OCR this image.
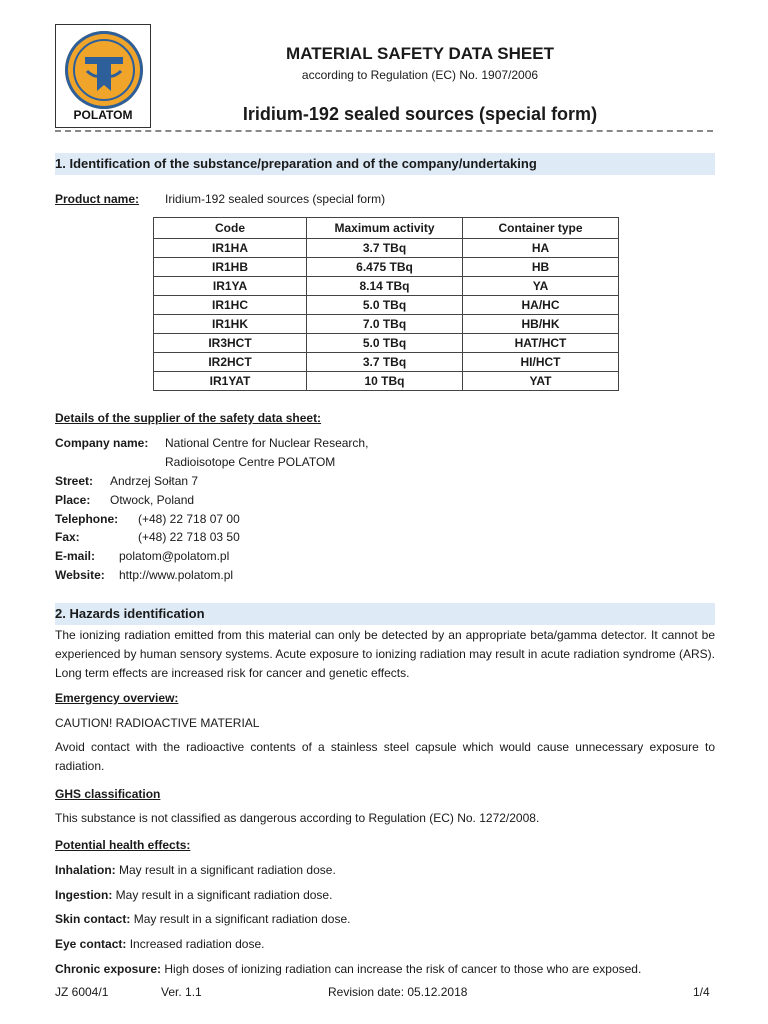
POLATOM
MATERIAL SAFETY DATA SHEET
according to Regulation (EC) No. 1907/2006
Iridium-192 sealed sources (special form)
1. Identification of the substance/preparation and of the company/undertaking
Product name: Iridium-192 sealed sources (special form)
Code	Maximum activity	Container type
IR1HA	3.7 TBq	HA
IR1HB	6.475 TBq	HB
IR1YA	8.14 TBq	YA
IR1HC	5.0 TBq	HA/HC
IR1HK	7.0 TBq	HB/HK
IR3HCT	5.0 TBq	HAT/HCT
IR2HCT	3.7 TBq	HI/HCT
IR1YAT	10 TBq	YAT
Details of the supplier of the safety data sheet:
Company name: National Centre for Nuclear Research,
Radioisotope Centre POLATOM
Street: Andrzej Sołtan 7
Place: Otwock, Poland
Telephone: (+48) 22 718 07 00
Fax:	(+48) 22 718 03 50
E-mail: polatom@polatom.pl
Website: http://www.polatom.pl
2. Hazards identification
The ionizing radiation emitted from this material can only be detected by an appropriate beta/gamma detector. It cannot be experienced by human sensory systems. Acute exposure to ionizing radiation may result in acute radiation syndrome (ARS). Long term effects are increased risk for cancer and genetic effects.
Emergency overview:
CAUTION! RADIOACTIVE MATERIAL
Avoid contact with the radioactive contents of a stainless steel capsule which would cause unnecessary exposure to radiation.
GHS classification
This substance is not classified as dangerous according to Regulation (EC) No. 1272/2008.
Potential health effects:
Inhalation: May result in a significant radiation dose.
Ingestion: May result in a significant radiation dose.
Skin contact: May result in a significant radiation dose.
Eye contact: Increased radiation dose.
Chronic exposure: High doses of ionizing radiation can increase the risk of cancer to those who are exposed.
JZ 6004/1	Ver. 1.1	Revision date: 05.12.2018	1/4
